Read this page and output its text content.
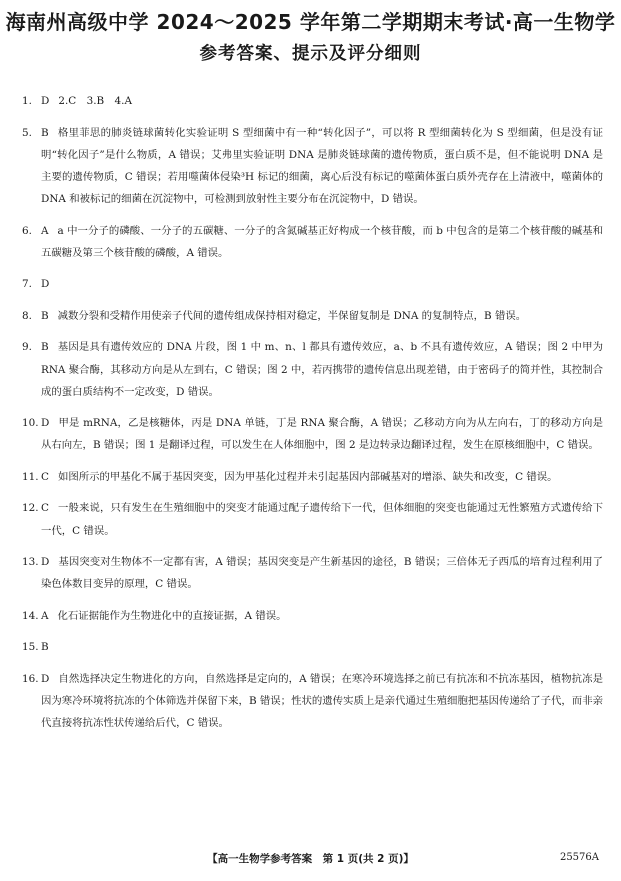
海南州高级中学 2024～2025 学年第二学期期末考试·高一生物学
参考答案、提示及评分细则

1. D 2.C　3.B　4.A

5. B 格里菲思的肺炎链球菌转化实验证明 S 型细菌中有一种“转化因子”，可以将 R 型细菌转化为 S 型细菌，但是没有证明“转化因子”是什么物质，A 错误；艾弗里实验证明 DNA 是肺炎链球菌的遗传物质，蛋白质不是，但不能说明 DNA 是主要的遗传物质，C 错误；若用噬菌体侵染³H 标记的细菌，离心后没有标记的噬菌体蛋白质外壳存在上清液中，噬菌体的 DNA 和被标记的细菌在沉淀物中，可检测到放射性主要分布在沉淀物中，D 错误。

6. A a 中一分子的磷酸、一分子的五碳糖、一分子的含氮碱基正好构成一个核苷酸，而 b 中包含的是第二个核苷酸的碱基和五碳糖及第三个核苷酸的磷酸，A 错误。

7. D

8. B 减数分裂和受精作用使亲子代间的遗传组成保持相对稳定，半保留复制是 DNA 的复制特点，B 错误。

9. B 基因是具有遗传效应的 DNA 片段，图 1 中 m、n、l 都具有遗传效应，a、b 不具有遗传效应，A 错误；图 2 中甲为 RNA 聚合酶，其移动方向是从左到右，C 错误；图 2 中，若丙携带的遗传信息出现差错，由于密码子的简并性，其控制合成的蛋白质结构不一定改变，D 错误。

10. D 甲是 mRNA，乙是核糖体，丙是 DNA 单链，丁是 RNA 聚合酶，A 错误；乙移动方向为从左向右，丁的移动方向是从右向左，B 错误；图 1 是翻译过程，可以发生在人体细胞中，图 2 是边转录边翻译过程，发生在原核细胞中，C 错误。

11. C 如图所示的甲基化不属于基因突变，因为甲基化过程并未引起基因内部碱基对的增添、缺失和改变，C 错误。

12. C 一般来说，只有发生在生殖细胞中的突变才能通过配子遗传给下一代，但体细胞的突变也能通过无性繁殖方式遗传给下一代，C 错误。

13. D 基因突变对生物体不一定都有害，A 错误；基因突变是产生新基因的途径，B 错误；三倍体无子西瓜的培育过程利用了染色体数目变异的原理，C 错误。

14. A 化石证据能作为生物进化中的直接证据，A 错误。

15. B

16. D 自然选择决定生物进化的方向，自然选择是定向的，A 错误；在寒冷环境选择之前已有抗冻和不抗冻基因，植物抗冻是因为寒冷环境将抗冻的个体筛选并保留下来，B 错误；性状的遗传实质上是亲代通过生殖细胞把基因传递给了子代，而非亲代直接将抗冻性状传递给后代，C 错误。

【高一生物学参考答案　第 1 页(共 2 页)】	25576A
